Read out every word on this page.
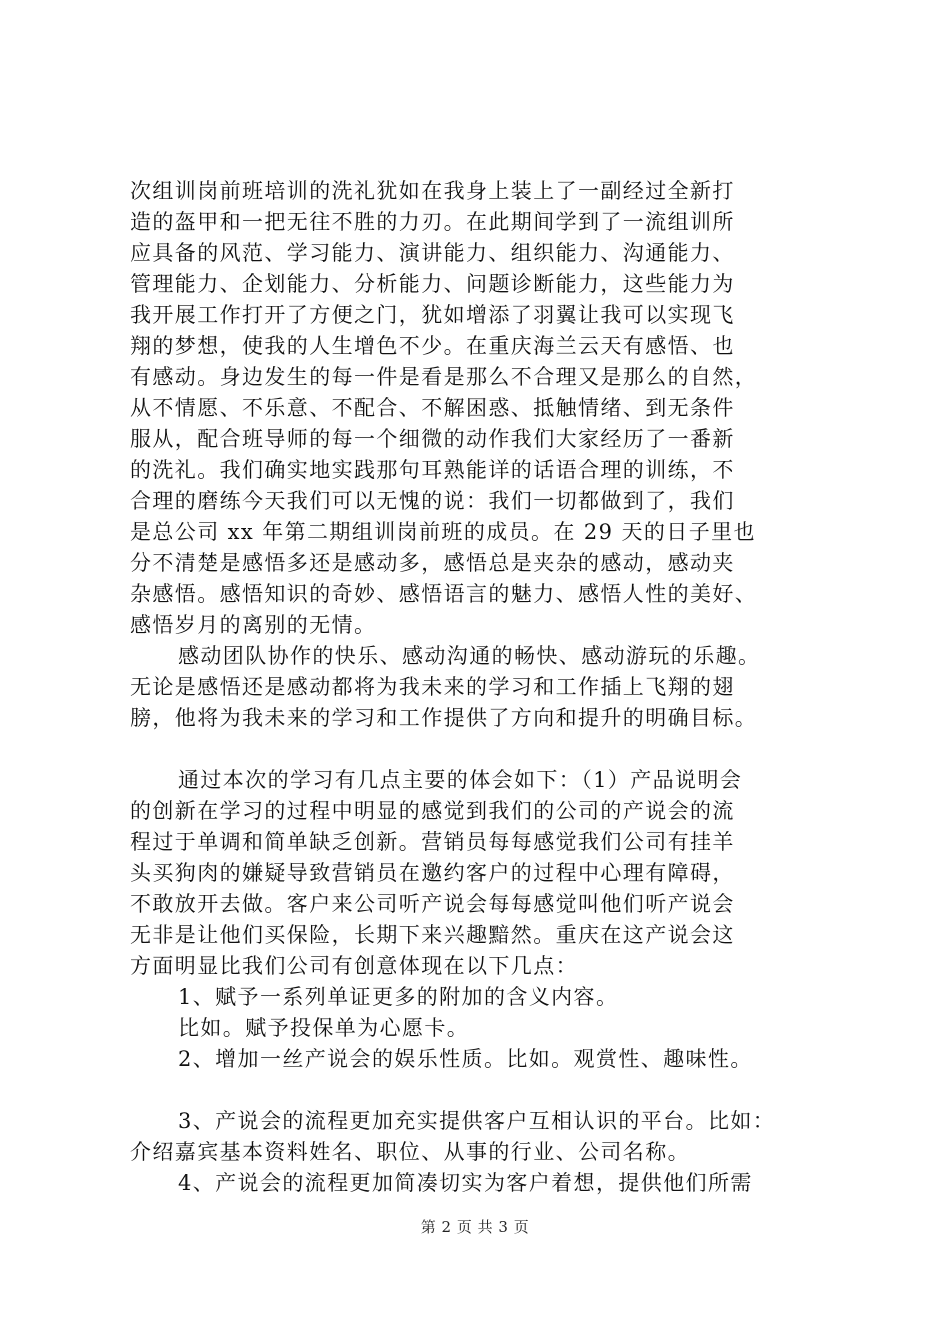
次组训岗前班培训的洗礼犹如在我身上装上了一副经过全新打
造的盔甲和一把无往不胜的力刃。在此期间学到了一流组训所
应具备的风范、学习能力、演讲能力、组织能力、沟通能力、
管理能力、企划能力、分析能力、问题诊断能力，这些能力为
我开展工作打开了方便之门，犹如增添了羽翼让我可以实现飞
翔的梦想，使我的人生增色不少。在重庆海兰云天有感悟、也
有感动。身边发生的每一件是看是那么不合理又是那么的自然，
从不情愿、不乐意、不配合、不解困惑、抵触情绪、到无条件
服从，配合班导师的每一个细微的动作我们大家经历了一番新
的洗礼。我们确实地实践那句耳熟能详的话语合理的训练，不
合理的磨练今天我们可以无愧的说：我们一切都做到了，我们
是总公司 xx 年第二期组训岗前班的成员。在 29 天的日子里也
分不清楚是感悟多还是感动多，感悟总是夹杂的感动，感动夹
杂感悟。感悟知识的奇妙、感悟语言的魅力、感悟人性的美好、
感悟岁月的离别的无情。
感动团队协作的快乐、感动沟通的畅快、感动游玩的乐趣。
无论是感悟还是感动都将为我未来的学习和工作插上飞翔的翅
膀，他将为我未来的学习和工作提供了方向和提升的明确目标。
通过本次的学习有几点主要的体会如下：（1）产品说明会
的创新在学习的过程中明显的感觉到我们的公司的产说会的流
程过于单调和简单缺乏创新。营销员每每感觉我们公司有挂羊
头买狗肉的嫌疑导致营销员在邀约客户的过程中心理有障碍，
不敢放开去做。客户来公司听产说会每每感觉叫他们听产说会
无非是让他们买保险，长期下来兴趣黯然。重庆在这产说会这
方面明显比我们公司有创意体现在以下几点：
1、赋予一系列单证更多的附加的含义内容。
比如。赋予投保单为心愿卡。
2、增加一丝产说会的娱乐性质。比如。观赏性、趣味性。
3、产说会的流程更加充实提供客户互相认识的平台。比如：
介绍嘉宾基本资料姓名、职位、从事的行业、公司名称。
4、产说会的流程更加简凑切实为客户着想，提供他们所需
第 2 页 共 3 页
